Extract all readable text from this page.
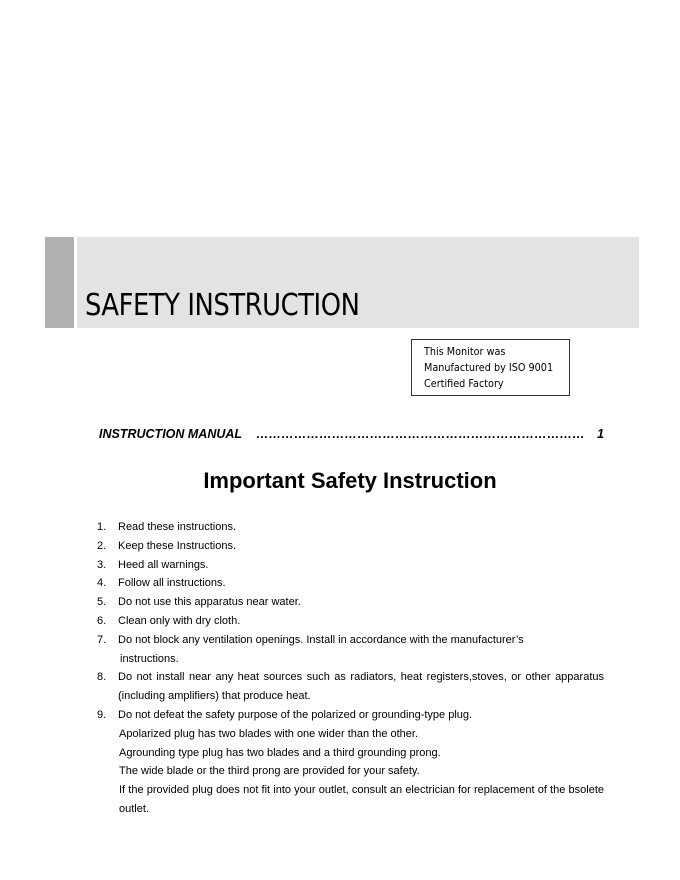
SAFETY INSTRUCTION
This Monitor was
Manufactured by ISO 9001
Certified Factory
INSTRUCTION MANUAL …………………………………………………………………… 1
Important Safety Instruction
1. Read these instructions.
2. Keep these Instructions.
3. Heed all warnings.
4. Follow all instructions.
5. Do not use this apparatus near water.
6. Clean only with dry cloth.
7. Do not block any ventilation openings. Install in accordance with the manufacturer’s
instructions.
8. Do not install near any heat sources such as radiators, heat registers,stoves, or other apparatus (including amplifiers) that produce heat.
9. Do not defeat the safety purpose of the polarized or grounding-type plug.
Apolarized plug has two blades with one wider than the other.
Agrounding type plug has two blades and a third grounding prong.
The wide blade or the third prong are provided for your safety.
If the provided plug does not fit into your outlet, consult an electrician for replacement of the bsolete outlet.
